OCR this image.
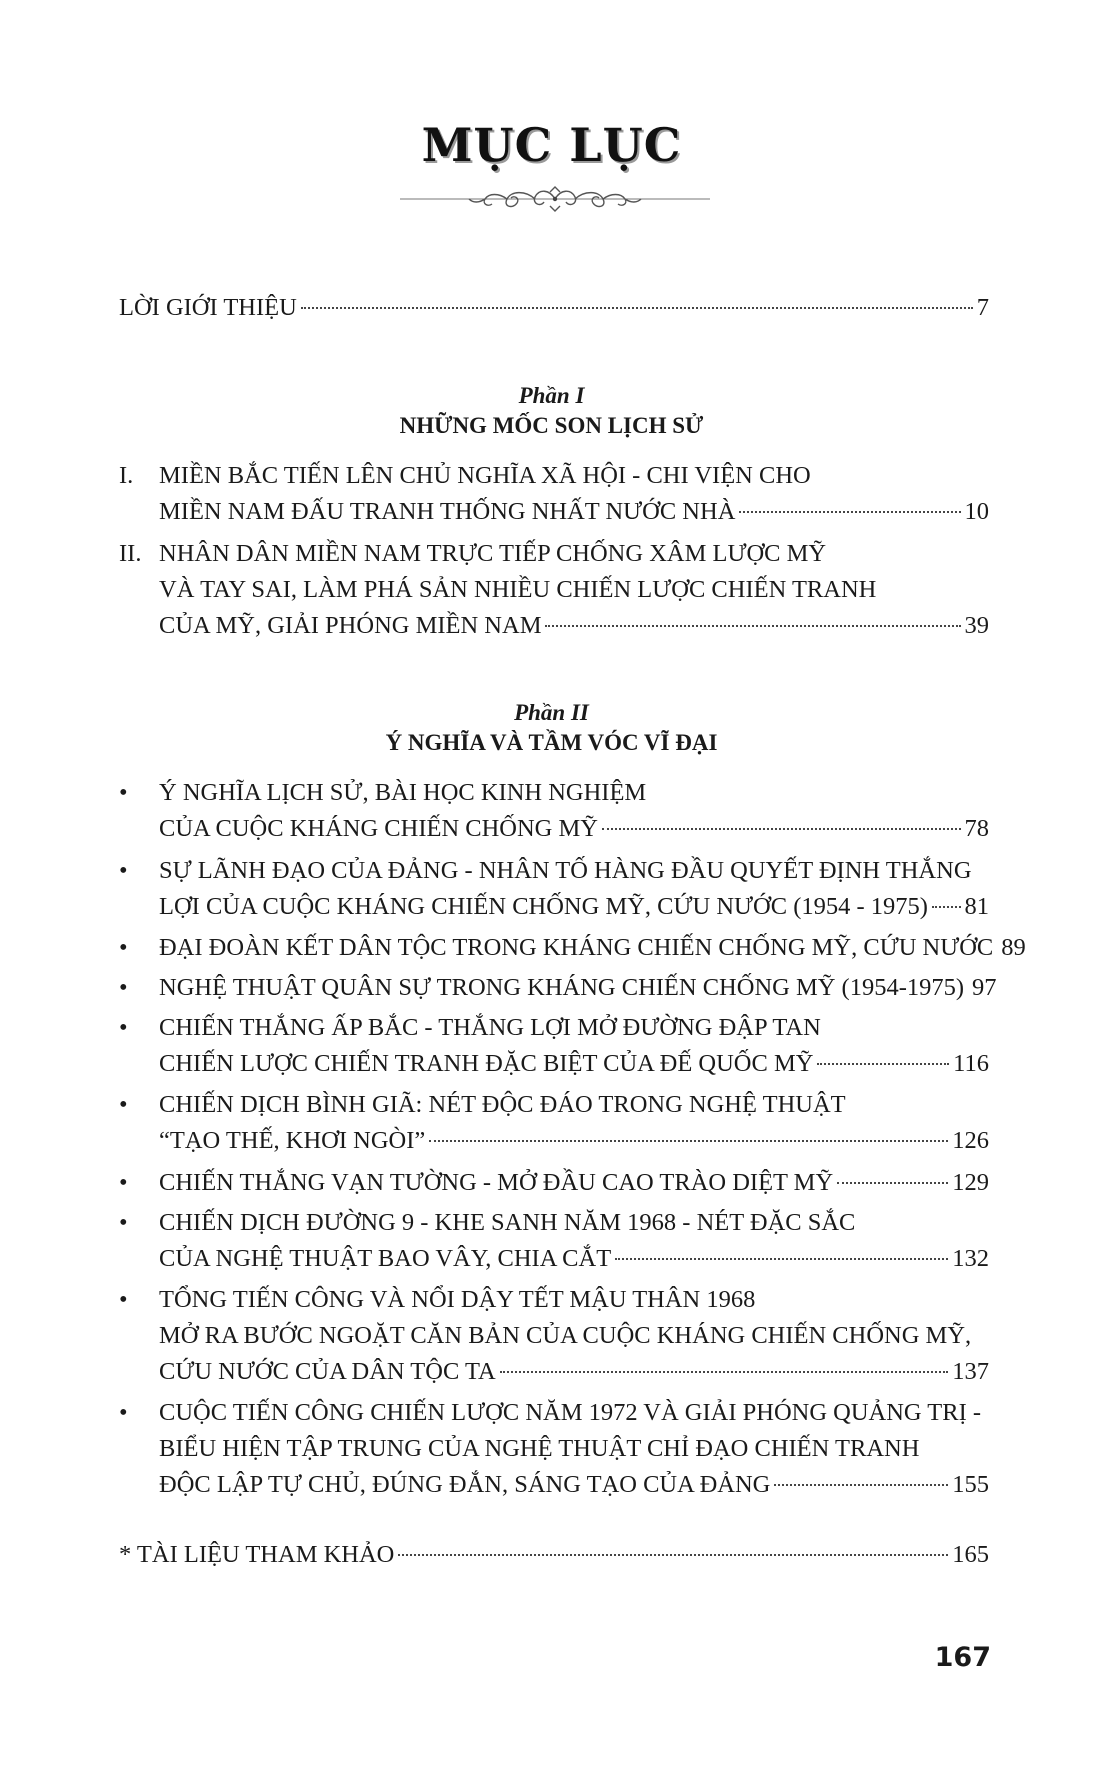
MỤC LỤC
LỜI GIỚI THIỆU	7
Phần I
NHỮNG MỐC SON LỊCH SỬ
I.	MIỀN BẮC TIẾN LÊN CHỦ NGHĨA XÃ HỘI - CHI VIỆN CHO
MIỀN NAM ĐẤU TRANH THỐNG NHẤT NƯỚC NHÀ	10
II. NHÂN DÂN MIỀN NAM TRỰC TIẾP CHỐNG XÂM LƯỢC MỸ
VÀ TAY SAI, LÀM PHÁ SẢN NHIỀU CHIẾN LƯỢC CHIẾN TRANH
CỦA MỸ, GIẢI PHÓNG MIỀN NAM	39
Phần II
Ý NGHĨA VÀ TẦM VÓC VĨ ĐẠI
•	Ý NGHĨA LỊCH SỬ, BÀI HỌC KINH NGHIỆM
CỦA CUỘC KHÁNG CHIẾN CHỐNG MỸ	78
•	SỰ LÃNH ĐẠO CỦA ĐẢNG - NHÂN TỐ HÀNG ĐẦU QUYẾT ĐỊNH THẮNG
LỢI CỦA CUỘC KHÁNG CHIẾN CHỐNG MỸ, CỨU NƯỚC (1954 - 1975) 81
•	ĐẠI ĐOÀN KẾT DÂN TỘC TRONG KHÁNG CHIẾN CHỐNG MỸ, CỨU NƯỚC 89
•	NGHỆ THUẬT QUÂN SỰ TRONG KHÁNG CHIẾN CHỐNG MỸ (1954-1975) 97
•	CHIẾN THẮNG ẤP BẮC - THẮNG LỢI MỞ ĐƯỜNG ĐẬP TAN
CHIẾN LƯỢC CHIẾN TRANH ĐẶC BIỆT CỦA ĐẾ QUỐC MỸ	116
•	CHIẾN DỊCH BÌNH GIÃ: NÉT ĐỘC ĐÁO TRONG NGHỆ THUẬT
“TẠO THẾ, KHƠI NGÒI”	126
•	CHIẾN THẮNG VẠN TƯỜNG - MỞ ĐẦU CAO TRÀO DIỆT MỸ	129
•	CHIẾN DỊCH ĐƯỜNG 9 - KHE SANH NĂM 1968 - NÉT ĐẶC SẮC
CỦA NGHỆ THUẬT BAO VÂY, CHIA CẮT	132
•	TỔNG TIẾN CÔNG VÀ NỔI DẬY TẾT MẬU THÂN 1968
MỞ RA BƯỚC NGOẶT CĂN BẢN CỦA CUỘC KHÁNG CHIẾN CHỐNG MỸ,
CỨU NƯỚC CỦA DÂN TỘC TA	137
•	CUỘC TIẾN CÔNG CHIẾN LƯỢC NĂM 1972 VÀ GIẢI PHÓNG QUẢNG TRỊ -
BIỂU HIỆN TẬP TRUNG CỦA NGHỆ THUẬT CHỈ ĐẠO CHIẾN TRANH
ĐỘC LẬP TỰ CHỦ, ĐÚNG ĐẮN, SÁNG TẠO CỦA ĐẢNG	155
* TÀI LIỆU THAM KHẢO	165
167
